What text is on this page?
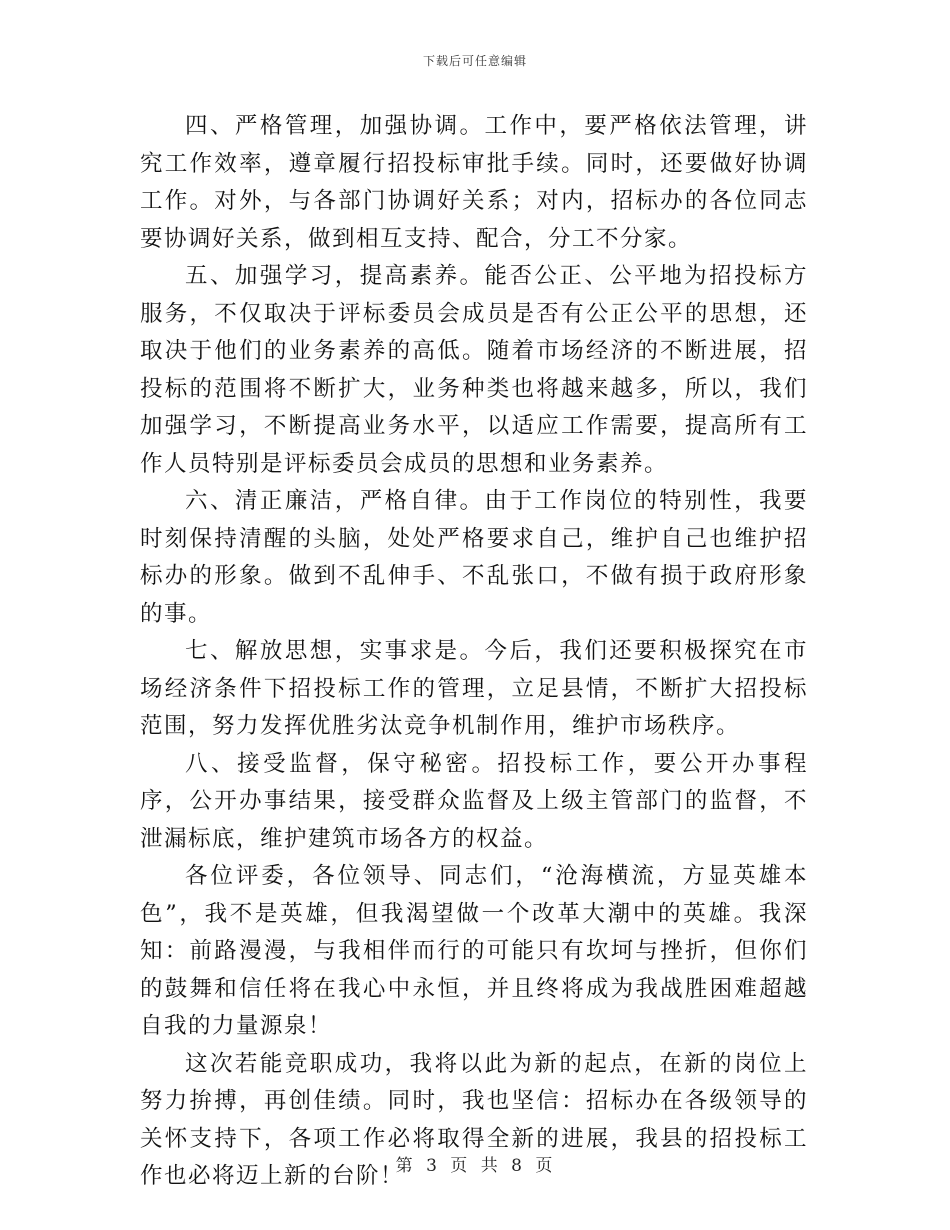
下载后可任意编辑

四、严格管理，加强协调。工作中，要严格依法管理，讲究工作效率，遵章履行招投标审批手续。同时，还要做好协调工作。对外，与各部门协调好关系；对内，招标办的各位同志要协调好关系，做到相互支持、配合，分工不分家。

五、加强学习，提高素养。能否公正、公平地为招投标方服务，不仅取决于评标委员会成员是否有公正公平的思想，还取决于他们的业务素养的高低。随着市场经济的不断进展，招投标的范围将不断扩大，业务种类也将越来越多，所以，我们加强学习，不断提高业务水平，以适应工作需要，提高所有工作人员特别是评标委员会成员的思想和业务素养。

六、清正廉洁，严格自律。由于工作岗位的特别性，我要时刻保持清醒的头脑，处处严格要求自己，维护自己也维护招标办的形象。做到不乱伸手、不乱张口，不做有损于政府形象的事。

七、解放思想，实事求是。今后，我们还要积极探究在市场经济条件下招投标工作的管理，立足县情，不断扩大招投标范围，努力发挥优胜劣汰竞争机制作用，维护市场秩序。

八、接受监督，保守秘密。招投标工作，要公开办事程序，公开办事结果，接受群众监督及上级主管部门的监督，不泄漏标底，维护建筑市场各方的权益。

各位评委，各位领导、同志们，“沧海横流，方显英雄本色”，我不是英雄，但我渴望做一个改革大潮中的英雄。我深知：前路漫漫，与我相伴而行的可能只有坎坷与挫折，但你们的鼓舞和信任将在我心中永恒，并且终将成为我战胜困难超越自我的力量源泉！

这次若能竞职成功，我将以此为新的起点，在新的岗位上努力拚搏，再创佳绩。同时，我也坚信：招标办在各级领导的关怀支持下，各项工作必将取得全新的进展，我县的招投标工作也必将迈上新的台阶！

第 3 页 共 8 页
